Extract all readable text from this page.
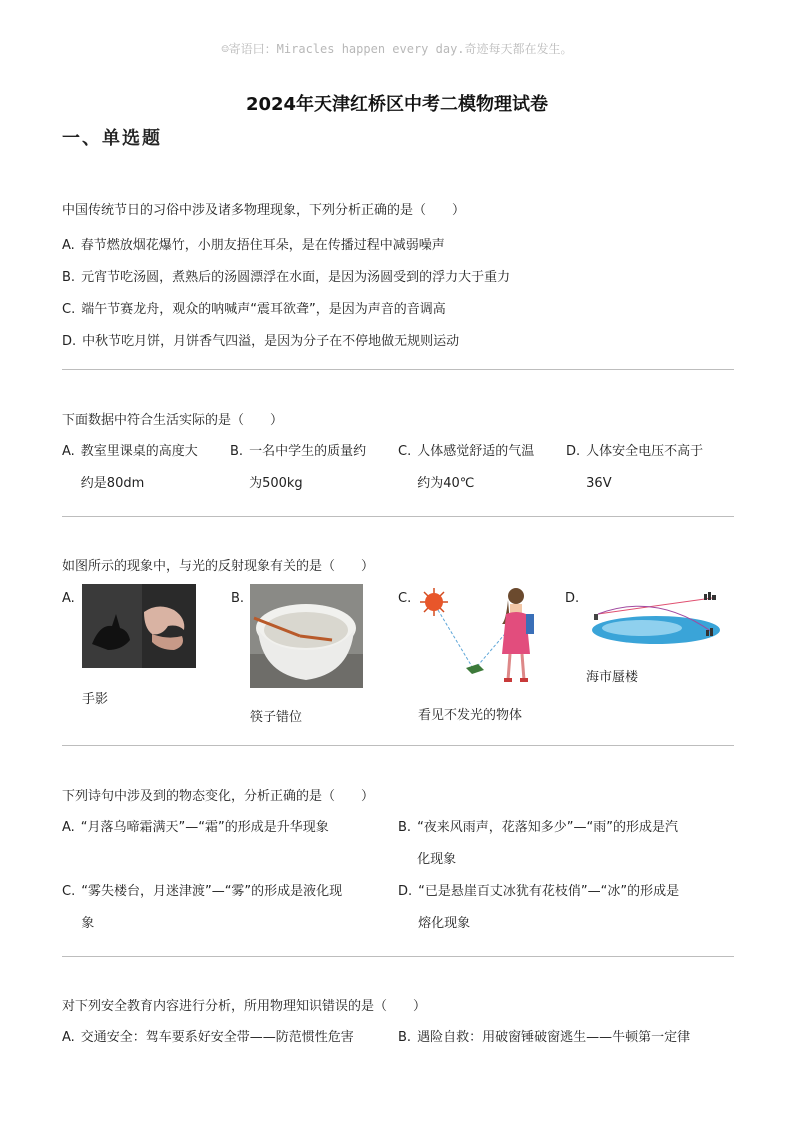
☺寄语曰：Miracles happen every day.奇迹每天都在发生。
2024年天津红桥区中考二模物理试卷
一、单选题
中国传统节日的习俗中涉及诸多物理现象，下列分析正确的是（　　）
A. 春节燃放烟花爆竹，小朋友捂住耳朵，是在传播过程中减弱噪声
B. 元宵节吃汤圆，煮熟后的汤圆漂浮在水面，是因为汤圆受到的浮力大于重力
C. 端午节赛龙舟，观众的呐喊声“震耳欲聋”，是因为声音的音调高
D. 中秋节吃月饼，月饼香气四溢，是因为分子在不停地做无规则运动
下面数据中符合生活实际的是（　　）
A. 教室里课桌的高度大
约是80dm
B. 一名中学生的质量约
为500kg
C. 人体感觉舒适的气温
约为40℃
D. 人体安全电压不高于
36V
如图所示的现象中，与光的反射现象有关的是（　　）
A.
手影
B.
筷子错位
C.
看见不发光的物体
D.
海市蜃楼
下列诗句中涉及到的物态变化，分析正确的是（　　）
A. “月落乌啼霜满天”—“霜”的形成是升华现象	B. “夜来风雨声，花落知多少”—“雨”的形成是汽
化现象
C. “雾失楼台，月迷津渡”—“雾”的形成是液化现
象
D. “已是悬崖百丈冰犹有花枝俏”—“冰”的形成是
熔化现象
对下列安全教育内容进行分析，所用物理知识错误的是（　　）
A. 交通安全：驾车要系好安全带——防范惯性危害	B. 遇险自救：用破窗锤破窗逃生——牛顿第一定律
